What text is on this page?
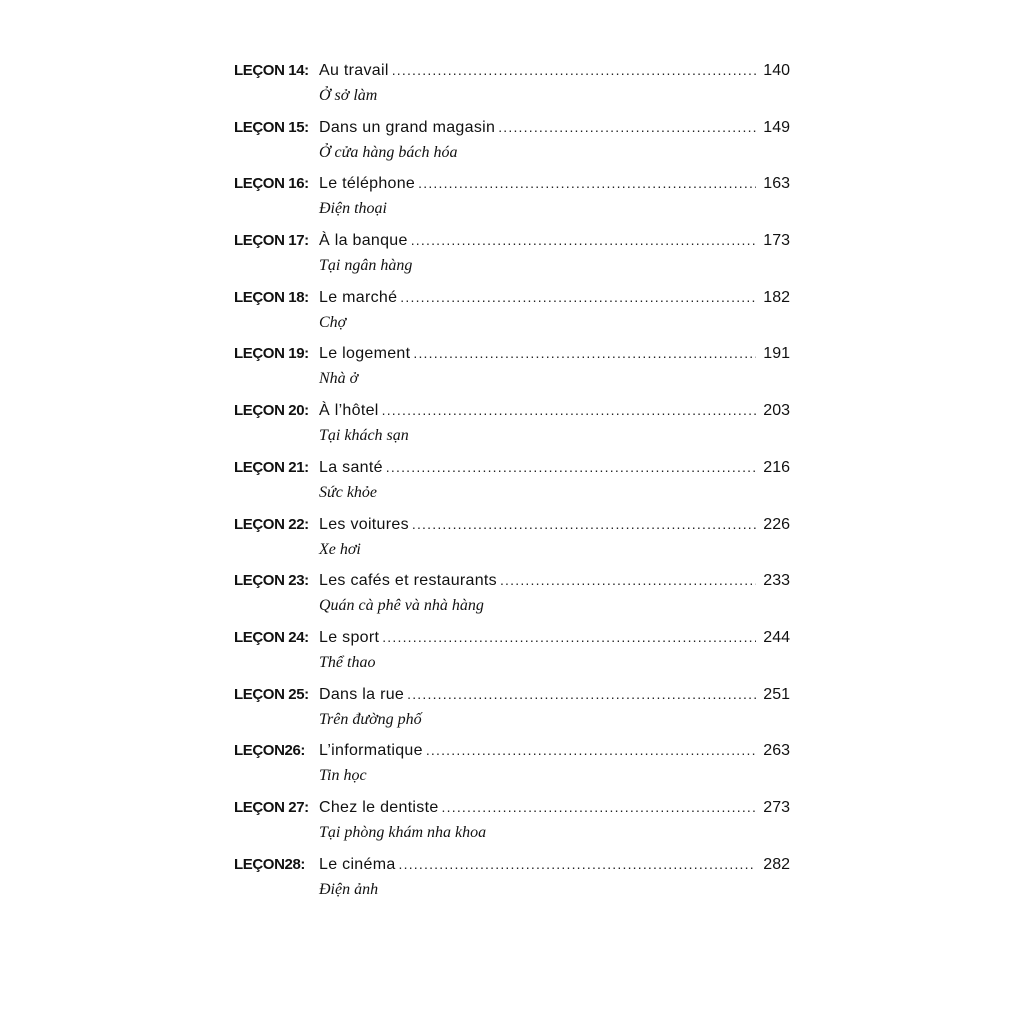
LEÇON 14: Au travail .....	140
Ở sở làm
LEÇON 15: Dans un grand magasin .....	149
Ở cửa hàng bách hóa
LEÇON 16: Le téléphone .....	163
Điện thoại
LEÇON 17: À la banque .....	173
Tại ngân hàng
LEÇON 18: Le marché .....	182
Chợ
LEÇON 19: Le logement .....	191
Nhà ở
LEÇON 20: À l’hôtel .....	203
Tại khách sạn
LEÇON 21: La santé .....	216
Sức khỏe
LEÇON 22: Les voitures .....	226
Xe hơi
LEÇON 23: Les cafés et restaurants .....	233
Quán cà phê và nhà hàng
LEÇON 24: Le sport .....	244
Thể thao
LEÇON 25: Dans la rue .....	251
Trên đường phố
LEÇON26: L’informatique .....	263
Tin học
LEÇON 27: Chez le dentiste .....	273
Tại phòng khám nha khoa
LEÇON28: Le cinéma .....	282
Điện ảnh
